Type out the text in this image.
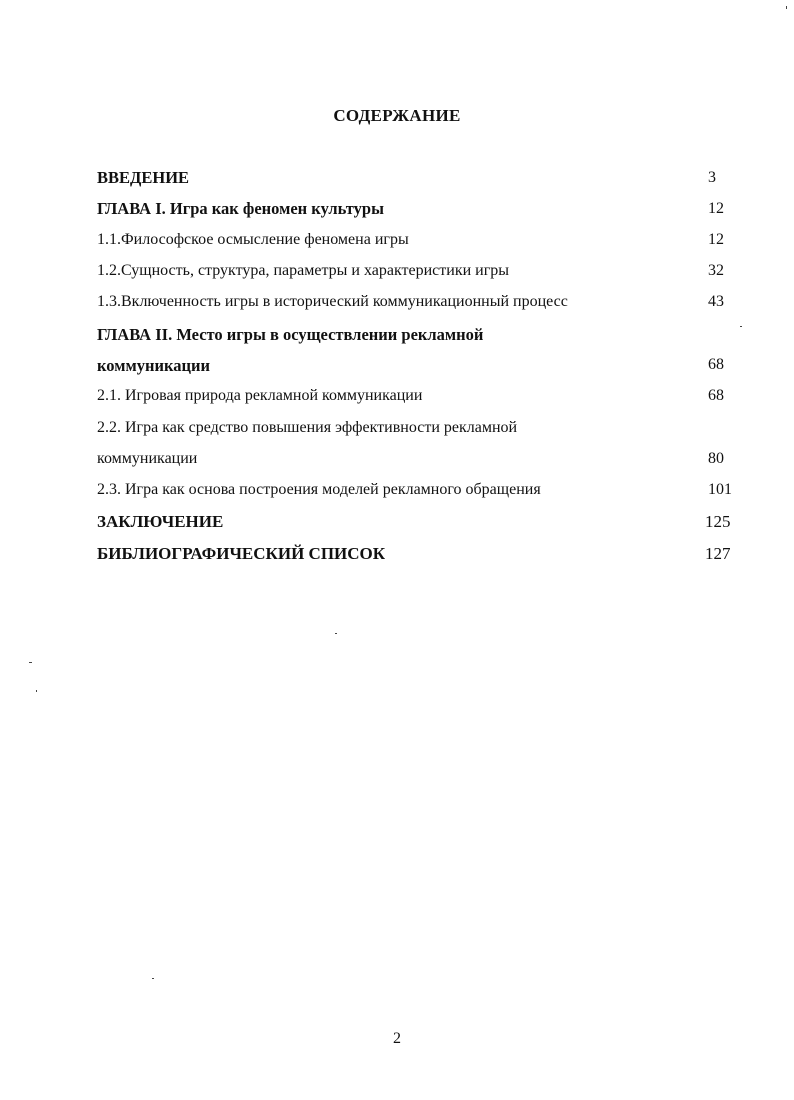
СОДЕРЖАНИЕ
ВВЕДЕНИЕ	3
ГЛАВА I. Игра как феномен культуры	12
1.1.Философское осмысление феномена игры	12
1.2.Сущность, структура, параметры и характеристики игры	32
1.3.Включенность игры в исторический коммуникационный процесс	43
ГЛАВА II. Место игры в осуществлении рекламной
коммуникации	68
2.1. Игровая природа рекламной коммуникации	68
2.2. Игра как средство повышения эффективности рекламной
коммуникации	80
2.3. Игра как основа построения моделей рекламного обращения	101
ЗАКЛЮЧЕНИЕ	125
БИБЛИОГРАФИЧЕСКИЙ СПИСОК	127
2
